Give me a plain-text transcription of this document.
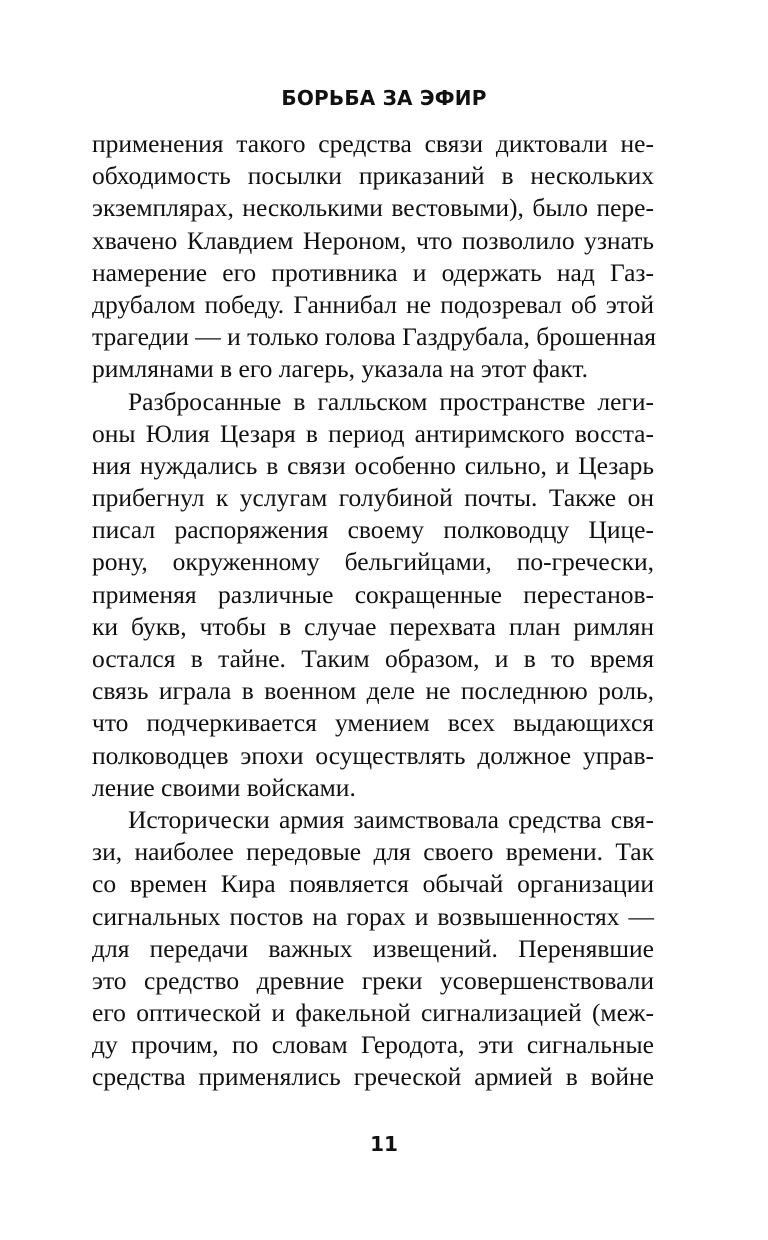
БОРЬБА ЗА ЭФИР
применения такого средства связи диктовали не-
обходимость посылки приказаний в нескольких
экземплярах, несколькими вестовыми), было пере-
хвачено Клавдием Нероном, что позволило узнать
намерение его противника и одержать над Газ-
друбалом победу. Ганнибал не подозревал об этой
трагедии — и только голова Газдрубала, брошенная
римлянами в его лагерь, указала на этот факт.
Разбросанные в галльском пространстве леги-
оны Юлия Цезаря в период антиримского восста-
ния нуждались в связи особенно сильно, и Цезарь
прибегнул к услугам голубиной почты. Также он
писал распоряжения своему полководцу Цице-
рону, окруженному бельгийцами, по-гречески,
применяя различные сокращенные перестанов-
ки букв, чтобы в случае перехвата план римлян
остался в тайне. Таким образом, и в то время
связь играла в военном деле не последнюю роль,
что подчеркивается умением всех выдающихся
полководцев эпохи осуществлять должное управ-
ление своими войсками.
Исторически армия заимствовала средства свя-
зи, наиболее передовые для своего времени. Так
со времен Кира появляется обычай организации
сигнальных постов на горах и возвышенностях —
для передачи важных извещений. Перенявшие
это средство древние греки усовершенствовали
его оптической и факельной сигнализацией (меж-
ду прочим, по словам Геродота, эти сигнальные
средства применялись греческой армией в войне
11
